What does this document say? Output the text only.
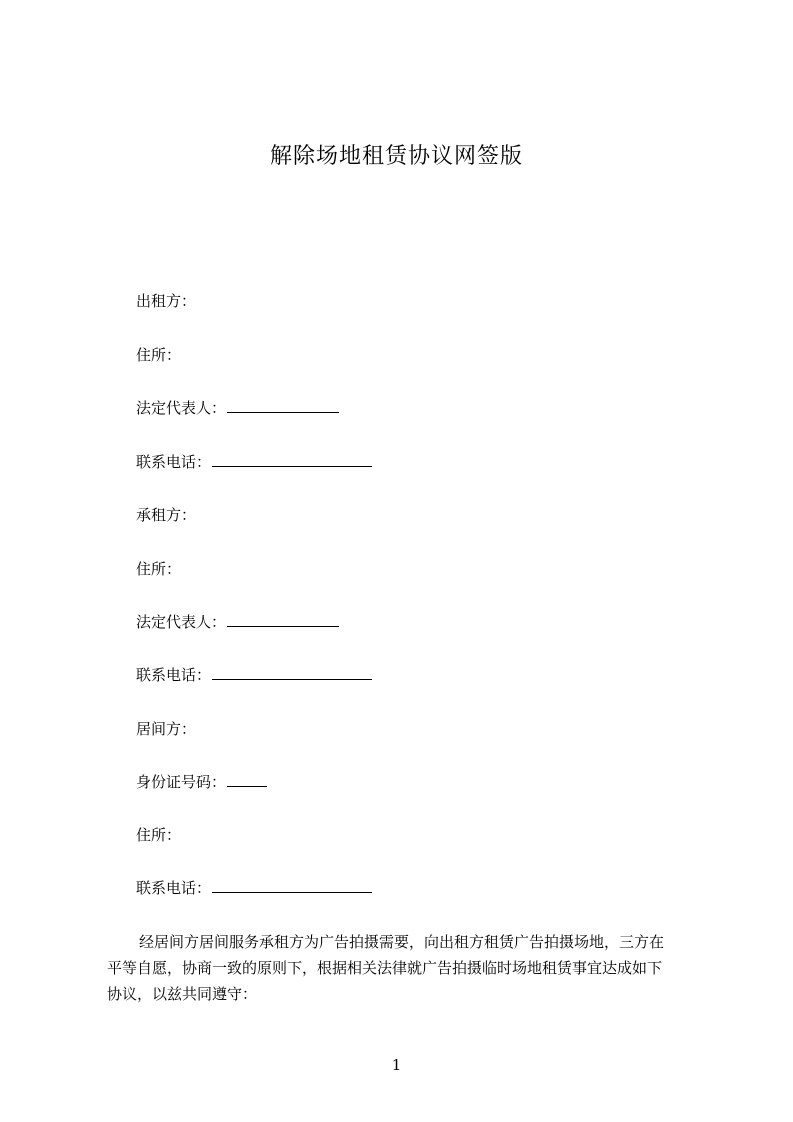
解除场地租赁协议网签版
出租方：
住所：
法定代表人：
联系电话：
承租方：
住所：
法定代表人：
联系电话：
居间方：
身份证号码：
住所：
联系电话：

经居间方居间服务承租方为广告拍摄需要，向出租方租赁广告拍摄场地，三方在
平等自愿，协商一致的原则下，根据相关法律就广告拍摄临时场地租赁事宜达成如下
协议，以兹共同遵守：

1
